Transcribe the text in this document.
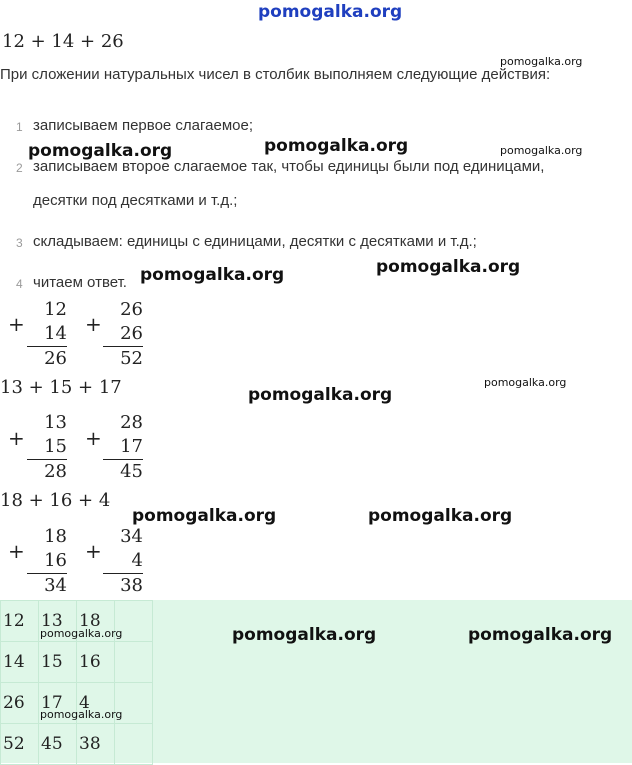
pomogalka.org
12 + 14 + 26
При сложении натуральных чисел в столбик выполняем следующие действия:
1 записываем первое слагаемое;
2 записываем второе слагаемое так, чтобы единицы были под единицами,
десятки под десятками и т.д.;
3 складываем: единицы с единицами, десятки с десятками и т.д.;
4 читаем ответ.
+
12
14
26
+
26
26
52
13 + 15 + 17
+
13
15
28
+
28
17
45
18 + 16 + 4
+
18
16
34
+
34
4
38
12	13	18	
14	15	16	
26	17	4	
52	45	38	
pomogalka.org
pomogalka.org	pomogalka.org	pomogalka.org
pomogalka.org	pomogalka.org
pomogalka.org
pomogalka.org
pomogalka.org	pomogalka.org
pomogalka.org	pomogalka.org	pomogalka.org
pomogalka.org
